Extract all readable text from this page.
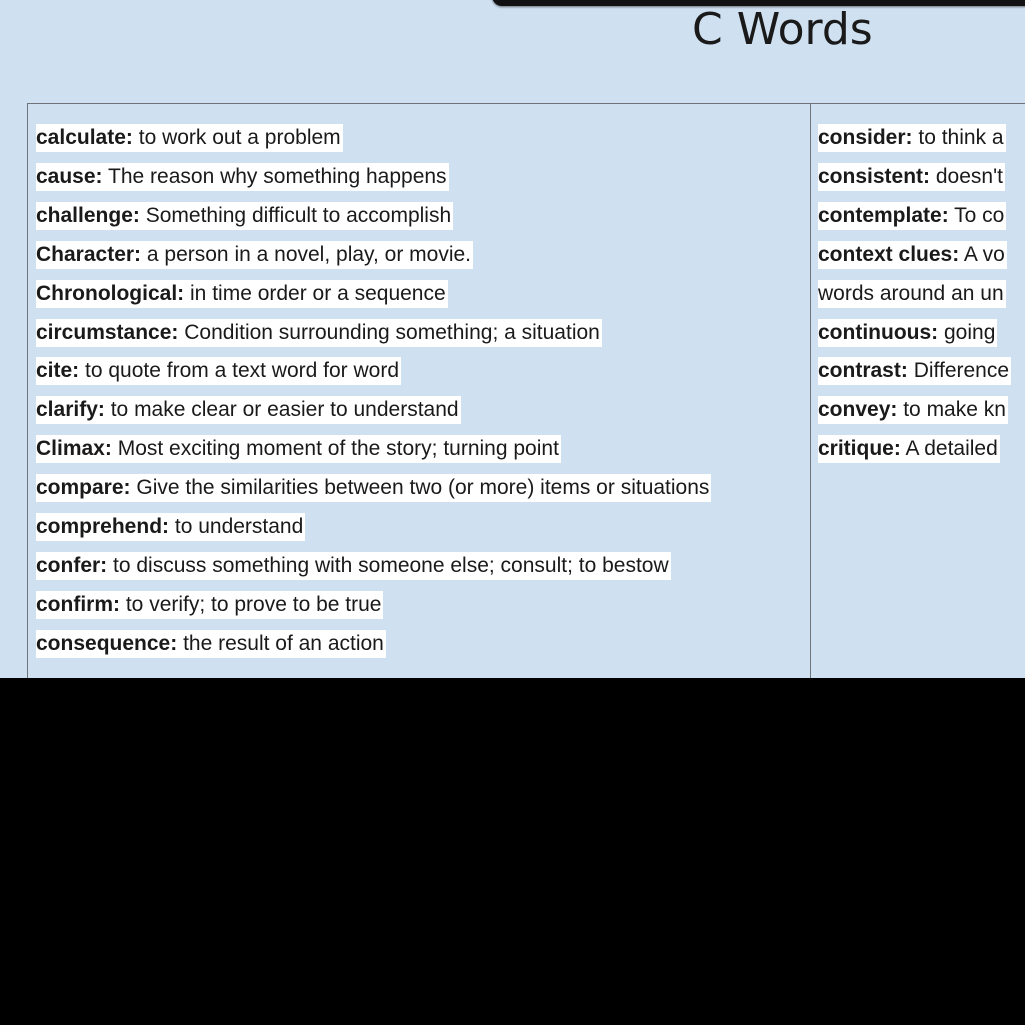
C Words
calculate: to work out a problem
cause: The reason why something happens
challenge: Something difficult to accomplish
Character: a person in a novel, play, or movie.
Chronological: in time order or a sequence
circumstance: Condition surrounding something; a situation
cite: to quote from a text word for word
clarify: to make clear or easier to understand
Climax: Most exciting moment of the story; turning point
compare: Give the similarities between two (or more) items or situations
comprehend: to understand
confer: to discuss something with someone else; consult; to bestow
confirm: to verify; to prove to be true
consequence: the result of an action
consider: to think a
consistent: doesn't
contemplate: To co
context clues: A vo
words around an un
continuous: going
contrast: Difference
convey: to make kn
critique: A detailed
